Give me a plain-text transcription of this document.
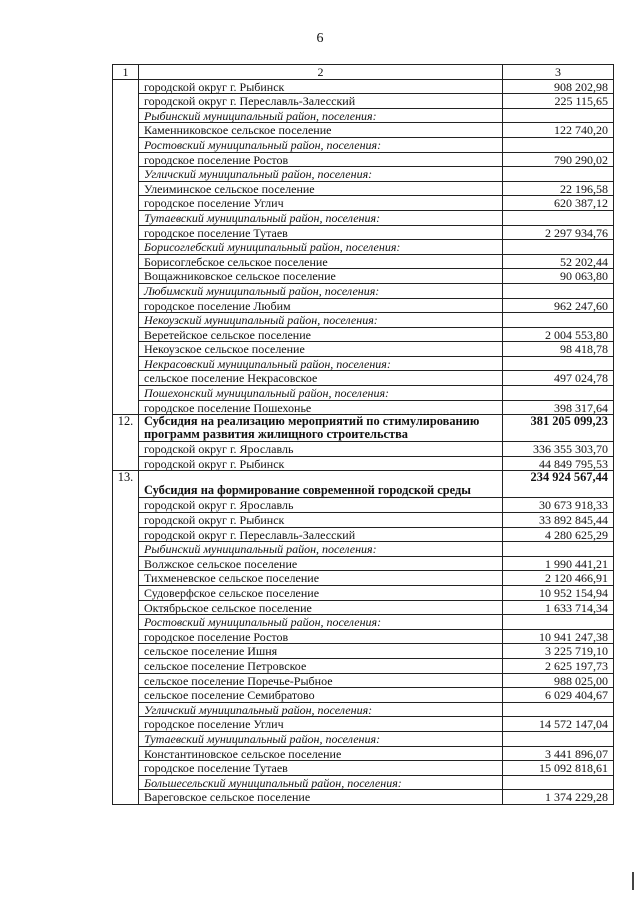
6
1	2	3
	городской округ г. Рыбинск	908 202,98
	городской округ г. Переславль-Залесский	225 115,65
	Рыбинский муниципальный район, поселения:	
	Каменниковское сельское поселение	122 740,20
	Ростовский муниципальный район, поселения:	
	городское поселение Ростов	790 290,02
	Угличский муниципальный район, поселения:	
	Улеиминское сельское поселение	22 196,58
	городское поселение Углич	620 387,12
	Тутаевский муниципальный район, поселения:	
	городское поселение Тутаев	2 297 934,76
	Борисоглебский муниципальный район, поселения:	
	Борисоглебское сельское поселение	52 202,44
	Вощажниковское сельское поселение	90 063,80
	Любимский муниципальный район, поселения:	
	городское поселение Любим	962 247,60
	Некоузский муниципальный район, поселения:	
	Веретейское сельское поселение	2 004 553,80
	Некоузское сельское поселение	98 418,78
	Некрасовский муниципальный район, поселения:	
	сельское поселение Некрасовское	497 024,78
	Пошехонский муниципальный район, поселения:	
	городское поселение Пошехонье	398 317,64
12.	Субсидия на реализацию мероприятий по стимулированию программ развития жилищного строительства	381 205 099,23
	городской округ г. Ярославль	336 355 303,70
	городской округ г. Рыбинск	44 849 795,53
13.	Субсидия на формирование современной городской среды	234 924 567,44
	городской округ г. Ярославль	30 673 918,33
	городской округ г. Рыбинск	33 892 845,44
	городской округ г. Переславль-Залесский	4 280 625,29
	Рыбинский муниципальный район, поселения:	
	Волжское сельское поселение	1 990 441,21
	Тихменевское сельское поселение	2 120 466,91
	Судоверфское сельское поселение	10 952 154,94
	Октябрьское сельское поселение	1 633 714,34
	Ростовский муниципальный район, поселения:	
	городское поселение Ростов	10 941 247,38
	сельское поселение Ишня	3 225 719,10
	сельское поселение Петровское	2 625 197,73
	сельское поселение Поречье-Рыбное	988 025,00
	сельское поселение Семибратово	6 029 404,67
	Угличский муниципальный район, поселения:	
	городское поселение Углич	14 572 147,04
	Тутаевский муниципальный район, поселения:	
	Константиновское сельское поселение	3 441 896,07
	городское поселение Тутаев	15 092 818,61
	Большесельский муниципальный район, поселения:	
	Вареговское сельское поселение	1 374 229,28
